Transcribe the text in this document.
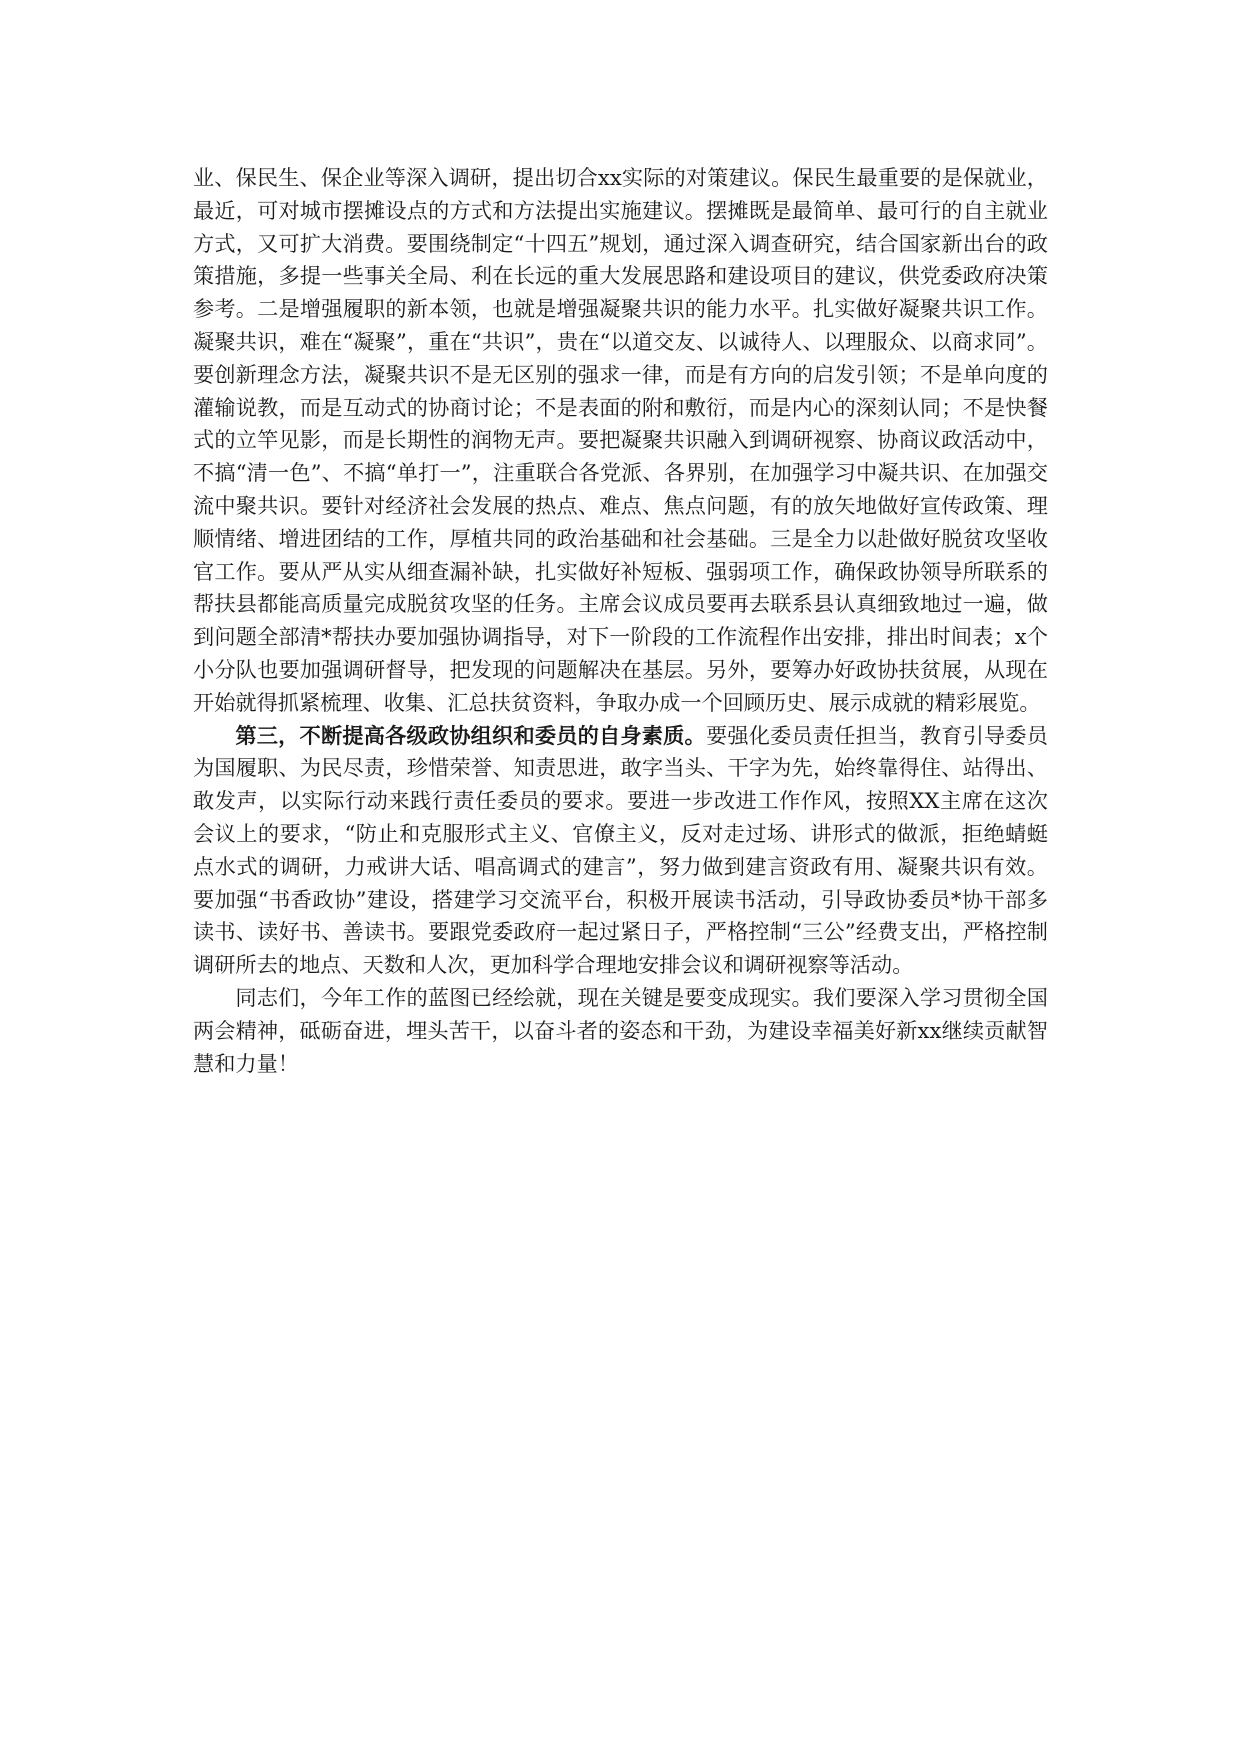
业、保民生、保企业等深入调研，提出切合xx实际的对策建议。保民生最重要的是保就业，最近，可对城市摆摊设点的方式和方法提出实施建议。摆摊既是最简单、最可行的自主就业方式，又可扩大消费。要围绕制定“十四五”规划，通过深入调查研究，结合国家新出台的政策措施，多提一些事关全局、利在长远的重大发展思路和建设项目的建议，供党委政府决策参考。二是增强履职的新本领，也就是增强凝聚共识的能力水平。扎实做好凝聚共识工作。凝聚共识，难在“凝聚”，重在“共识”，贵在“以道交友、以诚待人、以理服众、以商求同”。要创新理念方法，凝聚共识不是无区别的强求一律，而是有方向的启发引领；不是单向度的灌输说教，而是互动式的协商讨论；不是表面的附和敷衍，而是内心的深刻认同；不是快餐式的立竿见影，而是长期性的润物无声。要把凝聚共识融入到调研视察、协商议政活动中，不搞“清一色”、不搞“单打一”，注重联合各党派、各界别，在加强学习中凝共识、在加强交流中聚共识。要针对经济社会发展的热点、难点、焦点问题，有的放矢地做好宣传政策、理顺情绪、增进团结的工作，厚植共同的政治基础和社会基础。三是全力以赴做好脱贫攻坚收官工作。要从严从实从细查漏补缺，扎实做好补短板、强弱项工作，确保政协领导所联系的帮扶县都能高质量完成脱贫攻坚的任务。主席会议成员要再去联系县认真细致地过一遍，做到问题全部清*帮扶办要加强协调指导，对下一阶段的工作流程作出安排，排出时间表；x个小分队也要加强调研督导，把发现的问题解决在基层。另外，要筹办好政协扶贫展，从现在开始就得抓紧梳理、收集、汇总扶贫资料，争取办成一个回顾历史、展示成就的精彩展览。

第三，不断提高各级政协组织和委员的自身素质。要强化委员责任担当，教育引导委员为国履职、为民尽责，珍惜荣誉、知责思进，敢字当头、干字为先，始终靠得住、站得出、敢发声，以实际行动来践行责任委员的要求。要进一步改进工作作风，按照XX主席在这次会议上的要求，“防止和克服形式主义、官僚主义，反对走过场、讲形式的做派，拒绝蜻蜓点水式的调研，力戒讲大话、唱高调式的建言”，努力做到建言资政有用、凝聚共识有效。要加强“书香政协”建设，搭建学习交流平台，积极开展读书活动，引导政协委员*协干部多读书、读好书、善读书。要跟党委政府一起过紧日子，严格控制“三公”经费支出，严格控制调研所去的地点、天数和人次，更加科学合理地安排会议和调研视察等活动。

同志们，今年工作的蓝图已经绘就，现在关键是要变成现实。我们要深入学习贯彻全国两会精神，砥砺奋进，埋头苦干，以奋斗者的姿态和干劲，为建设幸福美好新xx继续贡献智慧和力量！
